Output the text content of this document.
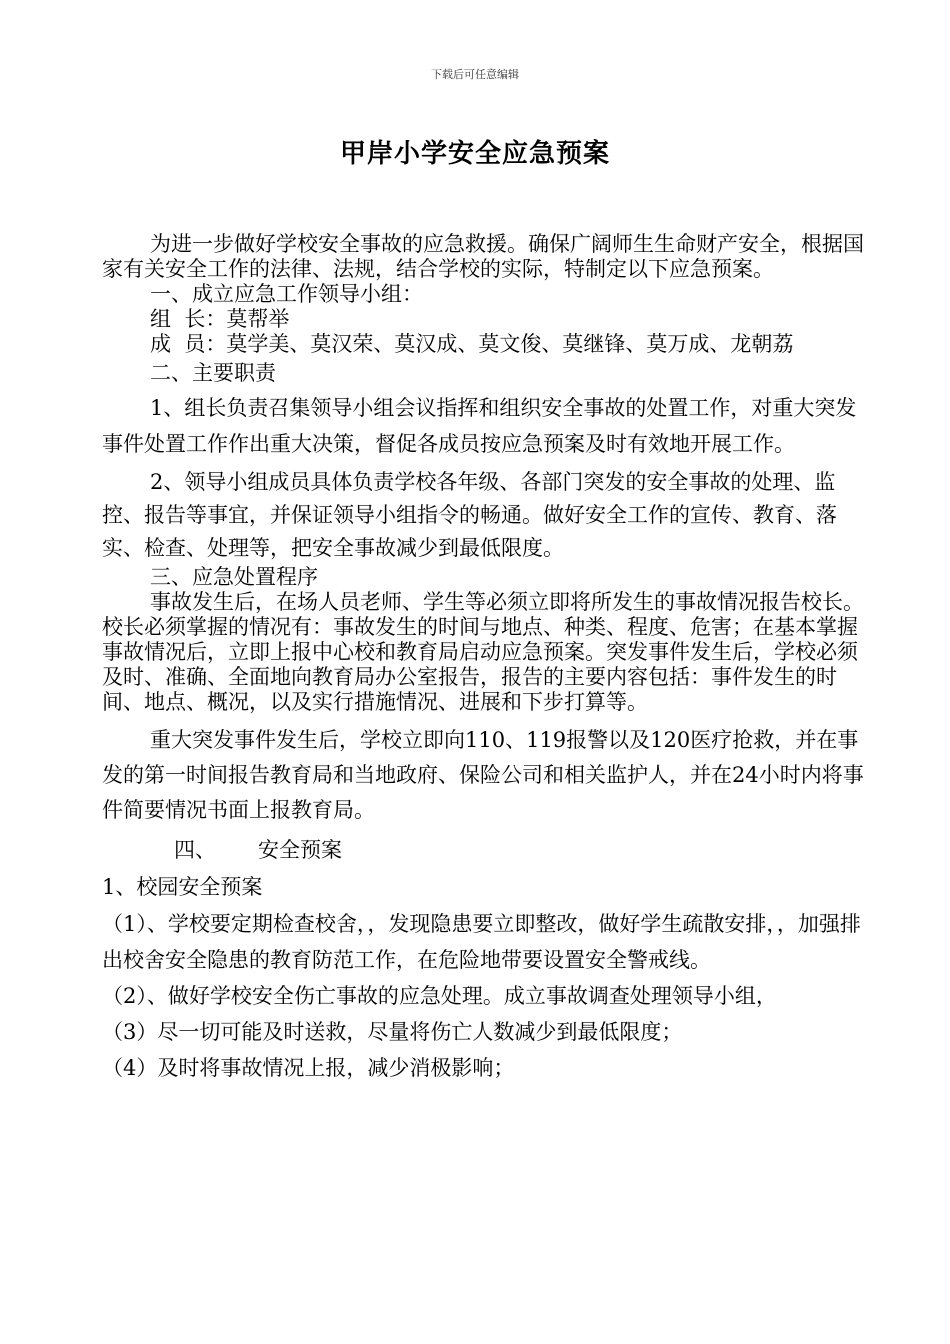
下载后可任意编辑
甲岸小学安全应急预案

为进一步做好学校安全事故的应急救援。确保广阔师生生命财产安全，根据国家有关安全工作的法律、法规，结合学校的实际，特制定以下应急预案。

一、成立应急工作领导小组：

组  长：莫帮举

成  员：莫学美、莫汉荣、莫汉成、莫文俊、莫继锋、莫万成、龙朝荔

二、主要职责

1、组长负责召集领导小组会议指挥和组织安全事故的处置工作，对重大突发事件处置工作作出重大决策，督促各成员按应急预案及时有效地开展工作。

2、领导小组成员具体负责学校各年级、各部门突发的安全事故的处理、监控、报告等事宜，并保证领导小组指令的畅通。做好安全工作的宣传、教育、落实、检查、处理等，把安全事故减少到最低限度。

三、应急处置程序

事故发生后，在场人员老师、学生等必须立即将所发生的事故情况报告校长。校长必须掌握的情况有：事故发生的时间与地点、种类、程度、危害；在基本掌握事故情况后，立即上报中心校和教育局启动应急预案。突发事件发生后，学校必须及时、准确、全面地向教育局办公室报告，报告的主要内容包括：事件发生的时间、地点、概况，以及实行措施情况、进展和下步打算等。

重大突发事件发生后，学校立即向110、119报警以及120医疗抢救，并在事发的第一时间报告教育局和当地政府、保险公司和相关监护人，并在24小时内将事件简要情况书面上报教育局。

四、 安全预案

1、校园安全预案

（1）、学校要定期检查校舍，，发现隐患要立即整改，做好学生疏散安排，，加强排出校舍安全隐患的教育防范工作，在危险地带要设置安全警戒线。

（2）、做好学校安全伤亡事故的应急处理。成立事故调查处理领导小组，

（3）尽一切可能及时送救，尽量将伤亡人数减少到最低限度；

（4）及时将事故情况上报，减少消极影响；
